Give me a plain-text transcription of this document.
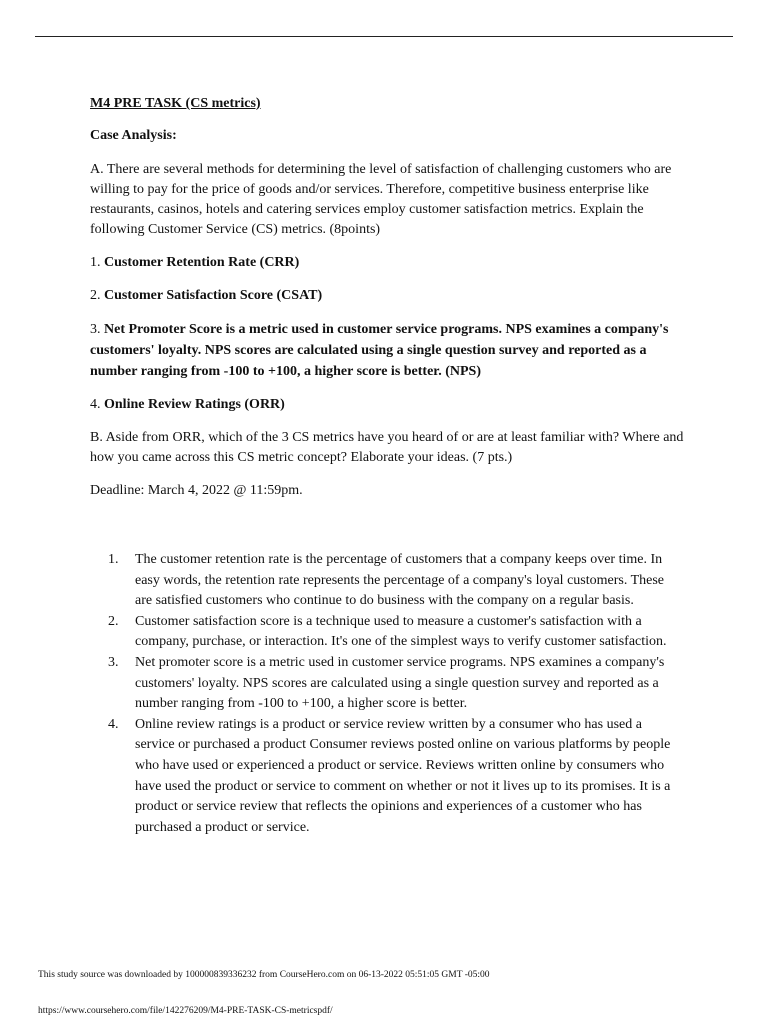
M4 PRE TASK (CS metrics)

Case Analysis:

A. There are several methods for determining the level of satisfaction of challenging customers who are willing to pay for the price of goods and/or services. Therefore, competitive business enterprise like restaurants, casinos, hotels and catering services employ customer satisfaction metrics. Explain the following Customer Service (CS) metrics. (8points)

1. Customer Retention Rate (CRR)

2. Customer Satisfaction Score (CSAT)

3. Net Promoter Score is a metric used in customer service programs. NPS examines a company's customers' loyalty. NPS scores are calculated using a single question survey and reported as a number ranging from -100 to +100, a higher score is better. (NPS)

4. Online Review Ratings (ORR)

B. Aside from ORR, which of the 3 CS metrics have you heard of or are at least familiar with? Where and how you came across this CS metric concept? Elaborate your ideas. (7 pts.)

Deadline: March 4, 2022 @ 11:59pm.

1. The customer retention rate is the percentage of customers that a company keeps over time. In easy words, the retention rate represents the percentage of a company's loyal customers. These are satisfied customers who continue to do business with the company on a regular basis.
2. Customer satisfaction score is a technique used to measure a customer's satisfaction with a company, purchase, or interaction. It's one of the simplest ways to verify customer satisfaction.
3. Net promoter score is a metric used in customer service programs. NPS examines a company's customers' loyalty. NPS scores are calculated using a single question survey and reported as a number ranging from -100 to +100, a higher score is better.
4. Online review ratings is a product or service review written by a consumer who has used a service or purchased a product Consumer reviews posted online on various platforms by people who have used or experienced a product or service. Reviews written online by consumers who have used the product or service to comment on whether or not it lives up to its promises. It is a product or service review that reflects the opinions and experiences of a customer who has purchased a product or service.
This study source was downloaded by 100000839336232 from CourseHero.com on 06-13-2022 05:51:05 GMT -05:00
https://www.coursehero.com/file/142276209/M4-PRE-TASK-CS-metricspdf/
